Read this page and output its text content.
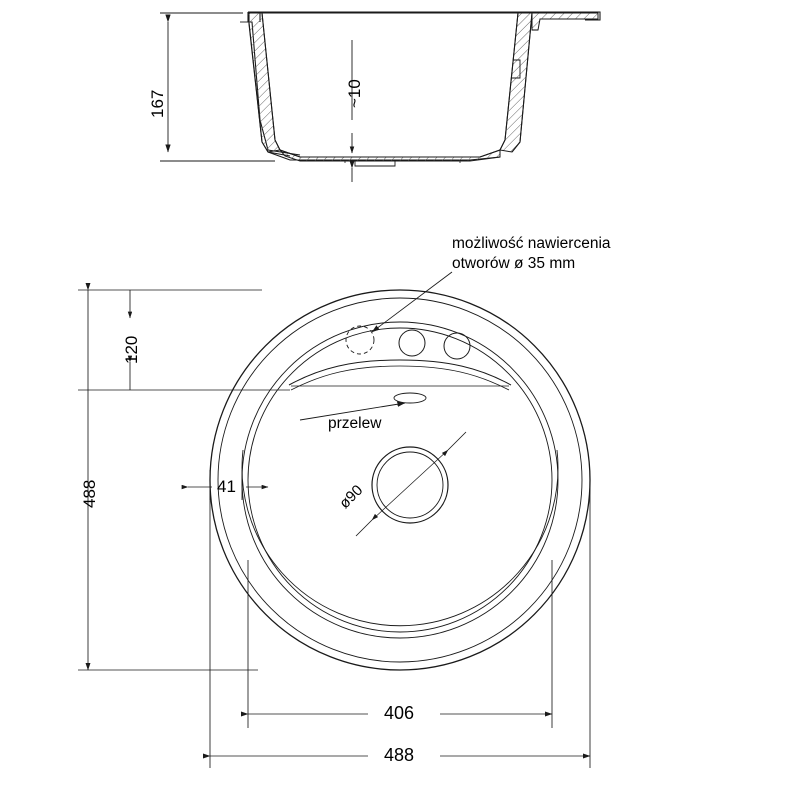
167	~10
488
120
41
406
488
ø90
możliwość nawiercenia
otworów ø 35 mm
przelew
